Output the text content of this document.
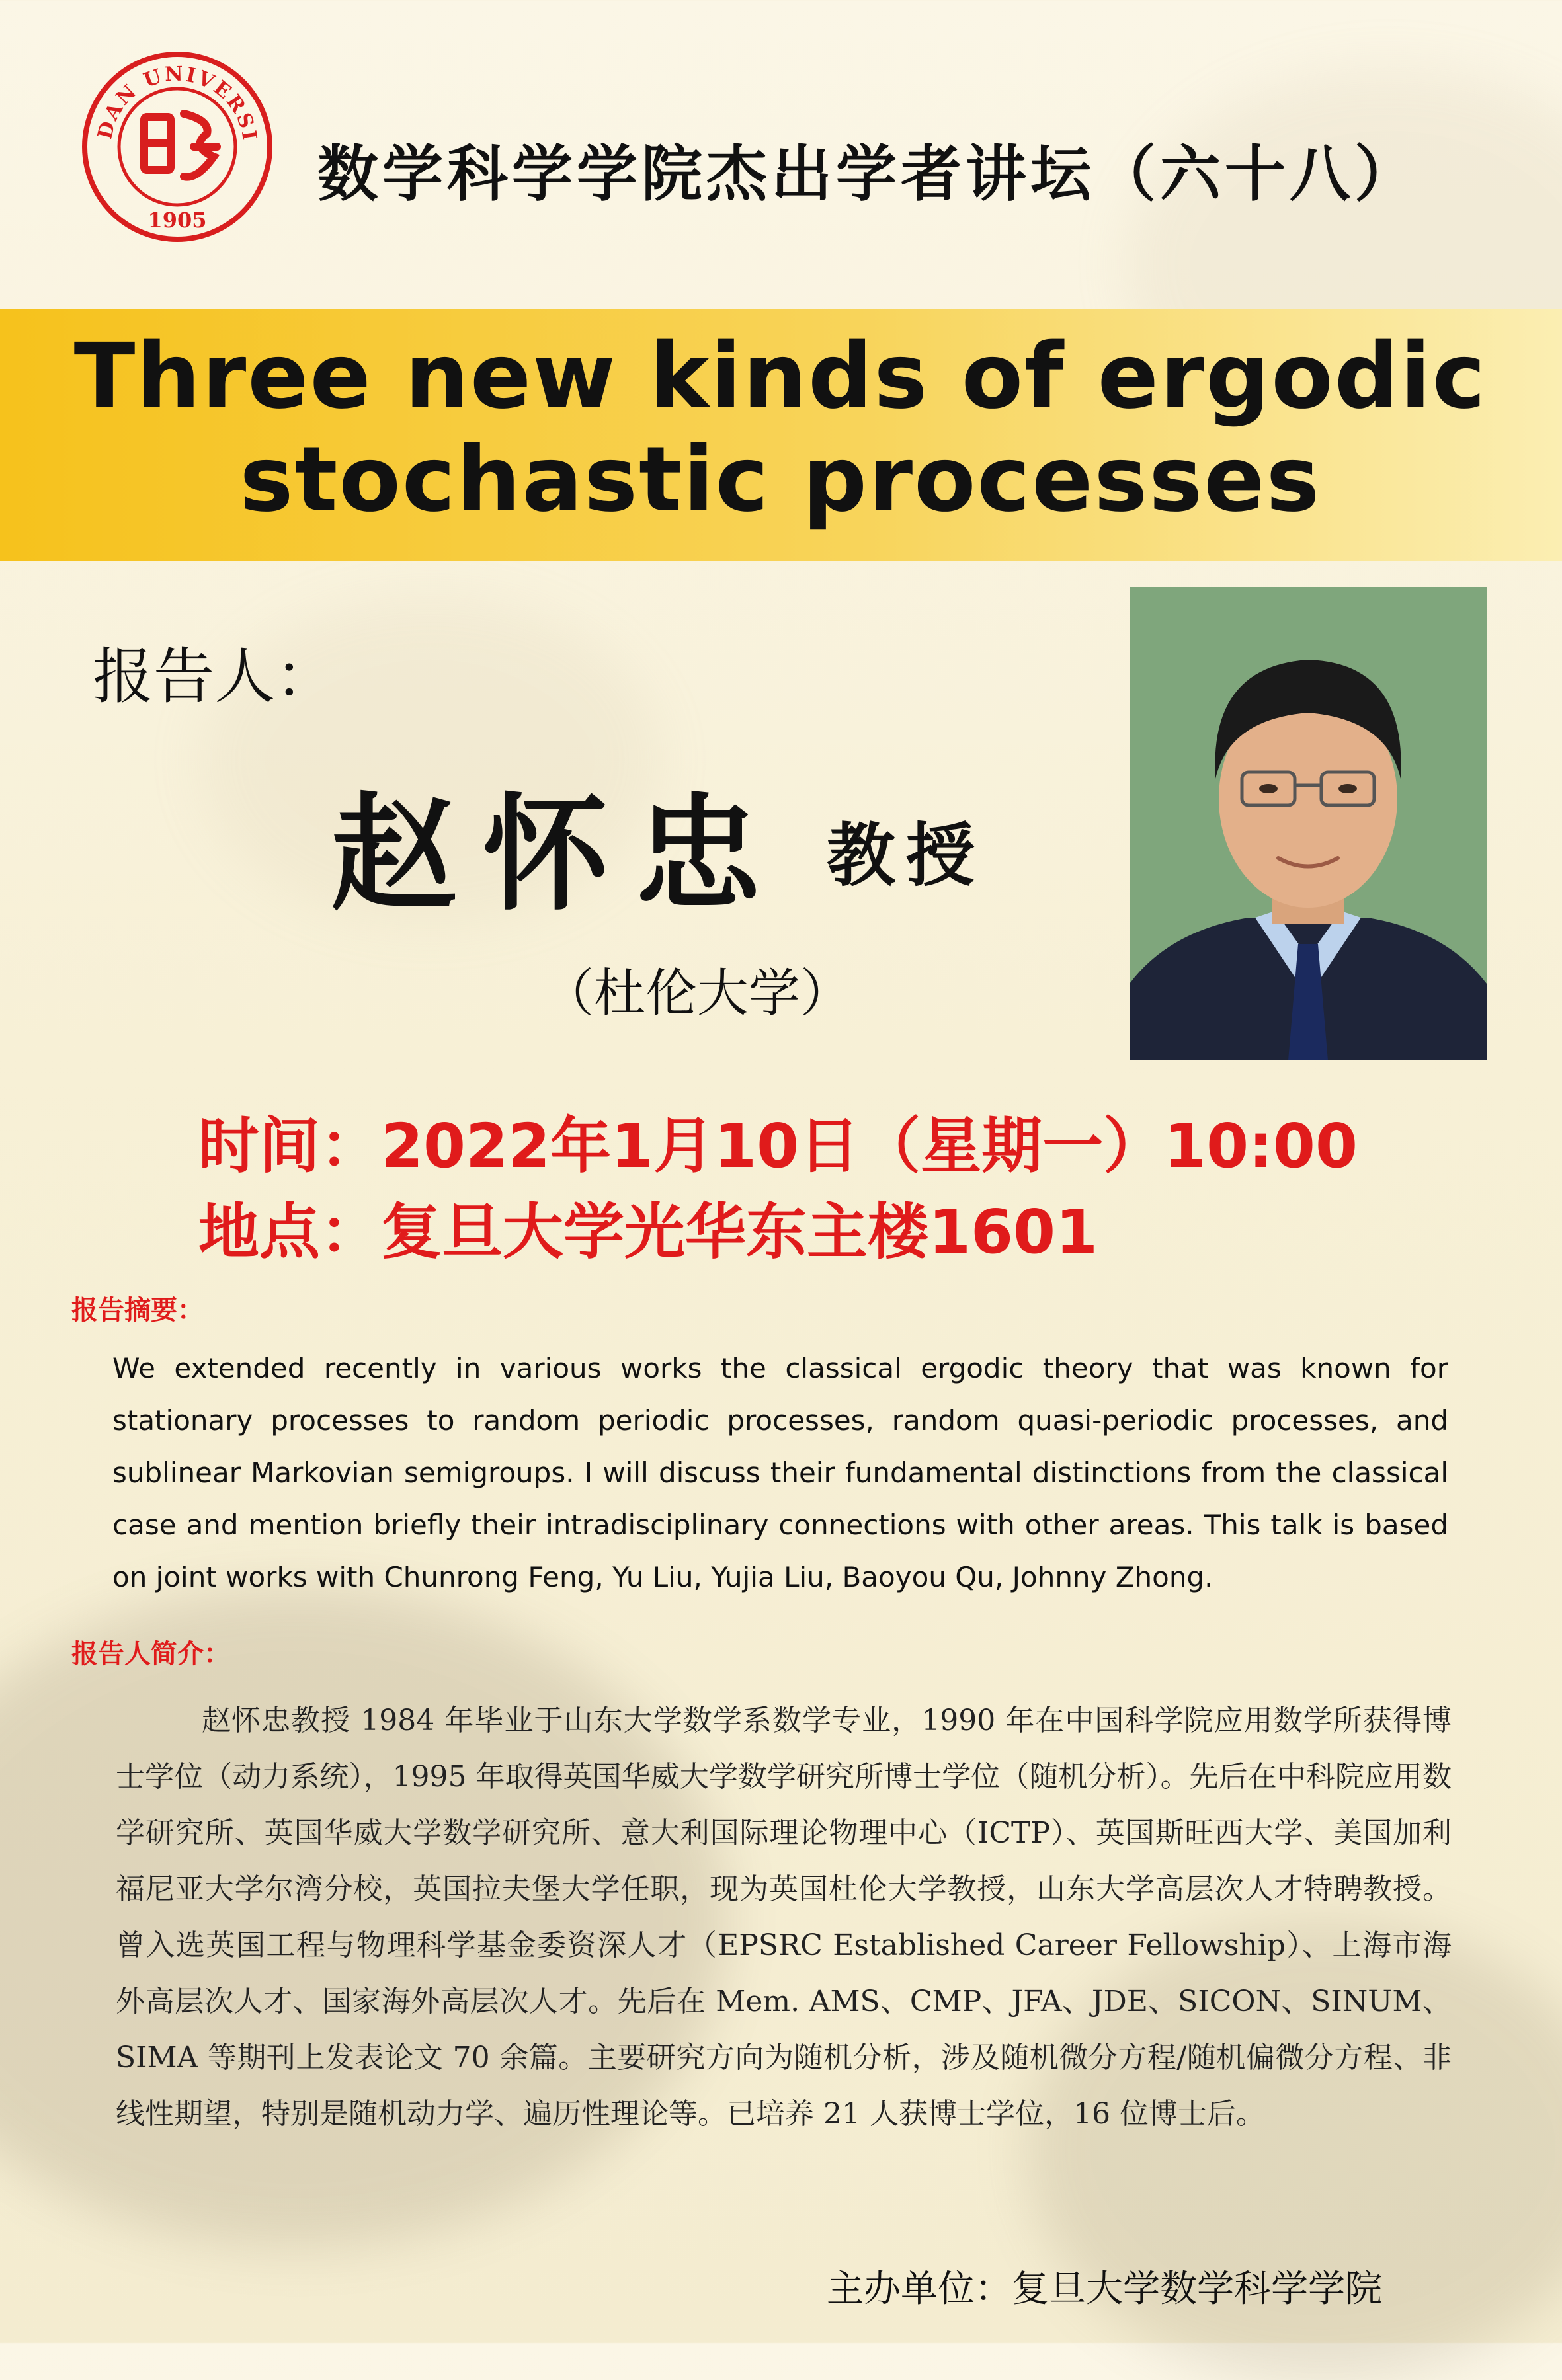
DAN UNIVERSI
1905
数学科学学院杰出学者讲坛（六十八）
Three new kinds of ergodic
stochastic processes
报告人：
赵怀忠 教授
（杜伦大学）
时间：2022年1月10日（星期一）10:00
地点：复旦大学光华东主楼1601
报告摘要：
We extended recently in various works the classical ergodic theory that was known for stationary processes to random periodic processes, random quasi-periodic processes, and sublinear Markovian semigroups. I will discuss their fundamental distinctions from the classical case and mention briefly their intradisciplinary connections with other areas. This talk is based on joint works with Chunrong Feng, Yu Liu, Yujia Liu, Baoyou Qu, Johnny Zhong.
报告人简介：
赵怀忠教授 1984 年毕业于山东大学数学系数学专业，1990 年在中国科学院应用数学所获得博士学位（动力系统），1995 年取得英国华威大学数学研究所博士学位（随机分析）。先后在中科院应用数学研究所、英国华威大学数学研究所、意大利国际理论物理中心（ICTP）、英国斯旺西大学、美国加利福尼亚大学尔湾分校，英国拉夫堡大学任职，现为英国杜伦大学教授，山东大学高层次人才特聘教授。曾入选英国工程与物理科学基金委资深人才（EPSRC Established Career Fellowship）、上海市海外高层次人才、国家海外高层次人才。先后在 Mem. AMS、CMP、JFA、JDE、SICON、SINUM、SIMA 等期刊上发表论文 70 余篇。主要研究方向为随机分析，涉及随机微分方程/随机偏微分方程、非线性期望，特别是随机动力学、遍历性理论等。已培养 21 人获博士学位，16 位博士后。
主办单位：复旦大学数学科学学院
